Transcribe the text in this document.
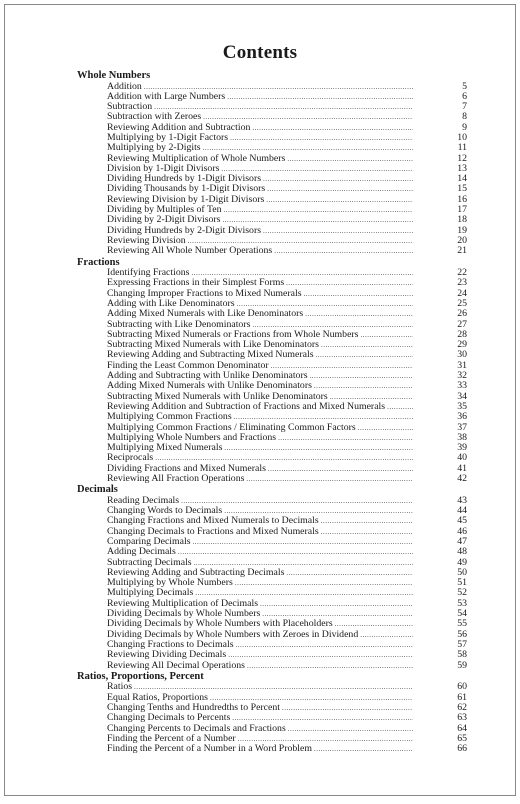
Contents
Whole Numbers
Addition .....	5
Addition with Large Numbers .....	6
Subtraction .....	7
Subtraction with Zeroes .....	8
Reviewing Addition and Subtraction .....	9
Multiplying by 1-Digit Factors .....	10
Multiplying by 2-Digits .....	11
Reviewing Multiplication of Whole Numbers .....	12
Division by 1-Digit Divisors .....	13
Dividing Hundreds by 1-Digit Divisors .....	14
Dividing Thousands by 1-Digit Divisors .....	15
Reviewing Division by 1-Digit Divisors .....	16
Dividing by Multiples of Ten .....	17
Dividing by 2-Digit Divisors .....	18
Dividing Hundreds by 2-Digit Divisors .....	19
Reviewing Division .....	20
Reviewing All Whole Number Operations .....	21
Fractions
Identifying Fractions .....	22
Expressing Fractions in their Simplest Forms .....	23
Changing Improper Fractions to Mixed Numerals .....	24
Adding with Like Denominators .....	25
Adding Mixed Numerals with Like Denominators .....	26
Subtracting with Like Denominators .....	27
Subtracting Mixed Numerals or Fractions from Whole Numbers .....	28
Subtracting Mixed Numerals with Like Denominators .....	29
Reviewing Adding and Subtracting Mixed Numerals .....	30
Finding the Least Common Denominator .....	31
Adding and Subtracting with Unlike Denominators .....	32
Adding Mixed Numerals with Unlike Denominators .....	33
Subtracting Mixed Numerals with Unlike Denominators .....	34
Reviewing Addition and Subtraction of Fractions and Mixed Numerals .....	35
Multiplying Common Fractions .....	36
Multiplying Common Fractions / Eliminating Common Factors .....	37
Multiplying Whole Numbers and Fractions .....	38
Multiplying Mixed Numerals .....	39
Reciprocals .....	40
Dividing Fractions and Mixed Numerals .....	41
Reviewing All Fraction Operations .....	42
Decimals
Reading Decimals .....	43
Changing Words to Decimals .....	44
Changing Fractions and Mixed Numerals to Decimals .....	45
Changing Decimals to Fractions and Mixed Numerals .....	46
Comparing Decimals .....	47
Adding Decimals .....	48
Subtracting Decimals .....	49
Reviewing Adding and Subtracting Decimals .....	50
Multiplying by Whole Numbers .....	51
Multiplying Decimals .....	52
Reviewing Multiplication of Decimals .....	53
Dividing Decimals by Whole Numbers .....	54
Dividing Decimals by Whole Numbers with Placeholders .....	55
Dividing Decimals by Whole Numbers with Zeroes in Dividend .....	56
Changing Fractions to Decimals .....	57
Reviewing Dividing Decimals .....	58
Reviewing All Decimal Operations .....	59
Ratios, Proportions, Percent
Ratios .....	60
Equal Ratios, Proportions .....	61
Changing Tenths and Hundredths to Percent .....	62
Changing Decimals to Percents .....	63
Changing Percents to Decimals and Fractions .....	64
Finding the Percent of a Number .....	65
Finding the Percent of a Number in a Word Problem .....	66
